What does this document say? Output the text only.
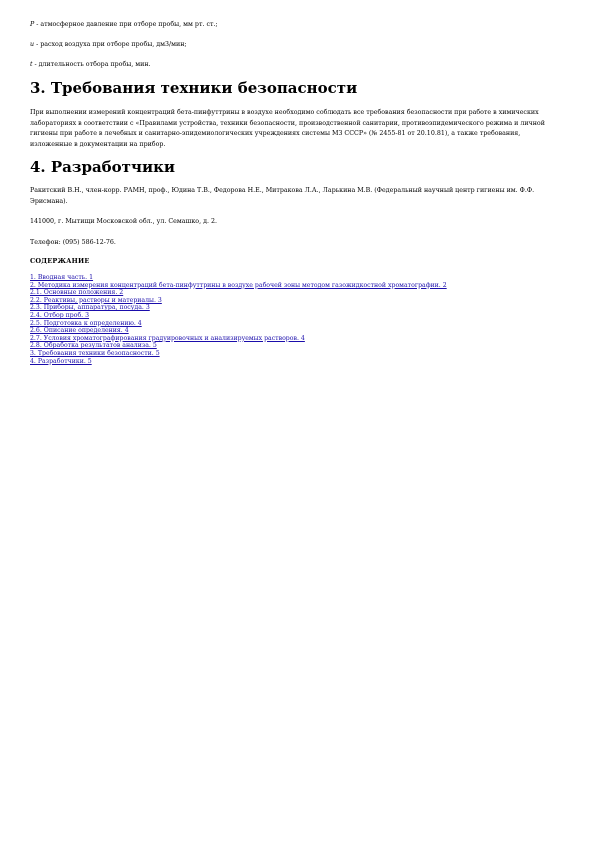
P - атмосферное давление при отборе пробы, мм рт. ст.;

u - расход воздуха при отборе пробы, дм3/мин;

t - длительность отбора пробы, мин.

3. Требования техники безопасности

При выполнении измерений концентраций бета-пинфуттрины в воздухе необходимо соблюдать все требования безопасности при работе в химических лабораториях в соответствии с «Правилами устройства, техники безопасности, производственной санитарии, противоэпидемического режима и личной гигиены при работе в лечебных и санитарно-эпидемиологических учреждениях системы МЗ СССР» (№ 2455-81 от 20.10.81), а также требования, изложенные в документации на прибор.

4. Разработчики

Ракитский В.Н., член-корр. РАМН, проф., Юдина Т.В., Федорова Н.Е., Митракова Л.А., Ларькина М.В. (Федеральный научный центр гигиены им. Ф.Ф. Эрисмана).

141000, г. Мытищи Московской обл., ул. Семашко, д. 2.

Телефон: (095) 586-12-76.

СОДЕРЖАНИЕ

1. Вводная часть. 1
2. Методика измерения концентраций бета-пинфуттрины в воздухе рабочей зоны методом газожидкостной хроматографии. 2
2.1. Основные положения. 2
2.2. Реактивы, растворы и материалы. 3
2.3. Приборы, аппаратура, посуда. 3
2.4. Отбор проб. 3
2.5. Подготовка к определению. 4
2.6. Описание определения. 4
2.7. Условия хроматографирования градуировочных и анализируемых растворов. 4
2.8. Обработка результатов анализа. 5
3. Требования техники безопасности. 5
4. Разработчики. 5
